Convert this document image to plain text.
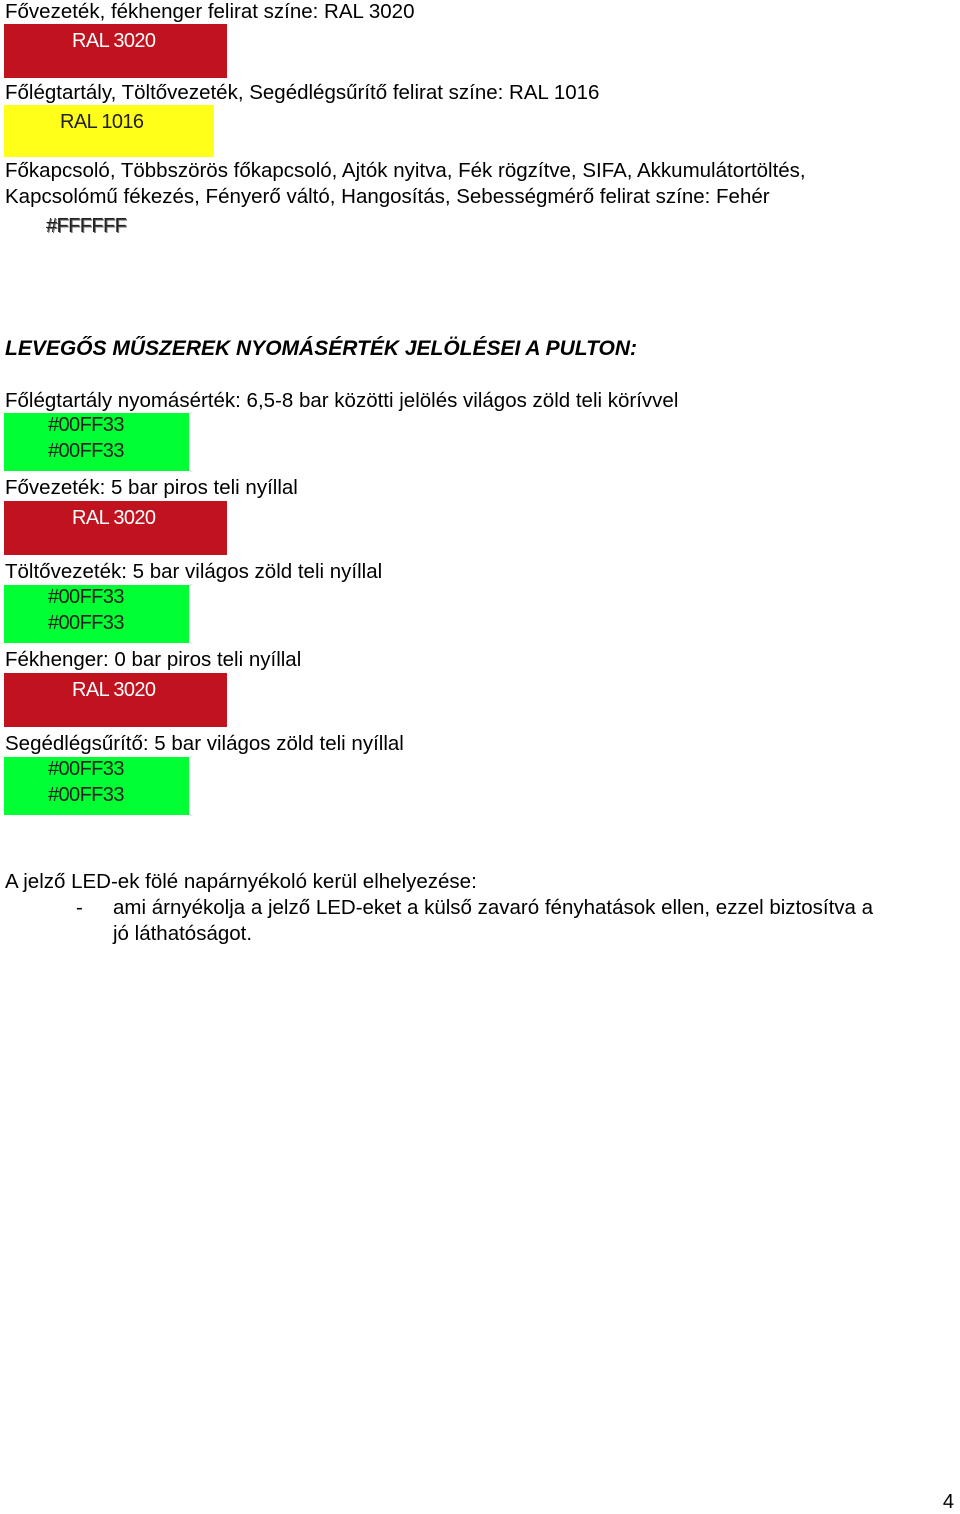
Fővezeték, fékhenger felirat színe: RAL 3020
RAL 3020
Főlégtartály, Töltővezeték, Segédlégsűrítő felirat színe: RAL 1016
RAL 1016
Főkapcsoló, Többszörös főkapcsoló, Ajtók nyitva, Fék rögzítve, SIFA, Akkumulátortöltés,
Kapcsolómű fékezés, Fényerő váltó, Hangosítás, Sebességmérő felirat színe: Fehér
#FFFFFF
LEVEGŐS MŰSZEREK NYOMÁSÉRTÉK JELÖLÉSEI A PULTON:
Főlégtartály nyomásérték: 6,5-8 bar közötti jelölés világos zöld teli körívvel
#00FF33
#00FF33
Fővezeték: 5 bar piros teli nyíllal
RAL 3020
Töltővezeték: 5 bar világos zöld teli nyíllal
#00FF33
#00FF33
Fékhenger: 0 bar piros teli nyíllal
RAL 3020
Segédlégsűrítő: 5 bar világos zöld teli nyíllal
#00FF33
#00FF33
A jelző LED-ek fölé napárnyékoló kerül elhelyezése:
- ami árnyékolja a jelző LED-eket a külső zavaró fényhatások ellen, ezzel biztosítva a
jó láthatóságot.
4
